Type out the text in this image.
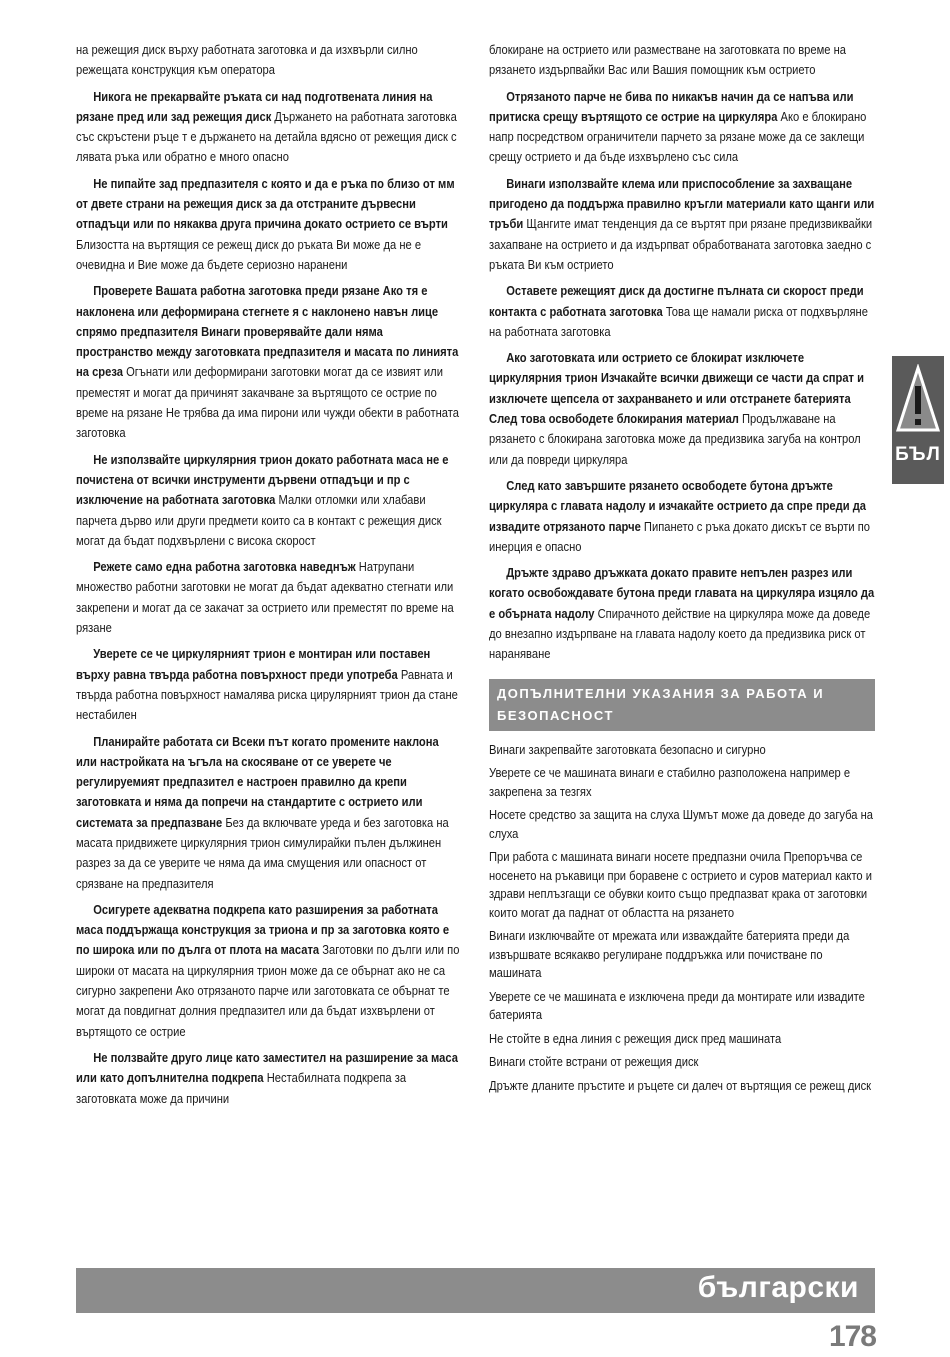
на режещия диск върху работната заготовка и да изхвърли силно режещата конструкция към оператора

Никога не прекарвайте ръката си над подготвената линия на рязане пред или зад режещия диск Държането на работната заготовка със скръстени ръце т е държането на детайла вдясно от режещия диск с лявата ръка или обратно е много опасно

Не пипайте зад предпазителя с която и да е ръка по близо от мм от двете страни на режещия диск за да отстраните дървесни отпадъци или по някаква друга причина докато острието се върти Близостта на въртящия се режещ диск до ръката Ви може да не е очевидна и Вие може да бъдете сериозно наранени

Проверете Вашата работна заготовка преди рязане Ако тя е наклонена или деформирана стегнете я с наклонено навън лице спрямо предпазителя Винаги проверявайте дали няма пространство между заготовката предпазителя и масата по линията на среза Огънати или деформирани заготовки могат да се извият или преместят и могат да причинят закачване за въртящото се острие по време на рязане Не трябва да има пирони или чужди обекти в работната заготовка

Не използвайте циркулярния трион докато работната маса не е почистена от всички инструменти дървени отпадъци и пр с изключение на работната заготовка Малки отломки или хлабави парчета дърво или други предмети които са в контакт с режещия диск могат да бъдат подхвърлени с висока скорост

Режете само една работна заготовка наведнъж Натрупани множество работни заготовки не могат да бъдат адекватно стегнати или закрепени и могат да се закачат за острието или преместят по време на рязане

Уверете се че циркулярният трион е монтиран или поставен върху равна твърда работна повърхност преди употреба Равната и твърда работна повърхност намалява риска цирулярният трион да стане нестабилен

Планирайте работата си Всеки път когато промените наклона или настройката на ъгъла на скосяване от се уверете че регулируемият предпазител е настроен правилно да крепи заготовката и няма да попречи на стандартите с острието или системата за предпазване Без да включвате уреда и без заготовка на масата придвижете циркулярния трион симулирайки пълен дължинен разрез за да се уверите че няма да има смущения или опасност от срязване на предпазителя

Осигурете адекватна подкрепа като разширения за работната маса поддържаща конструкция за триона и пр за заготовка която е по широка или по дълга от плота на масата Заготовки по дълги или по широки от масата на циркулярния трион може да се обърнат ако не са сигурно закрепени Ако отрязаното парче или заготовката се обърнат те могат да повдигнат долния предпазител или да бъдат изхвърлени от въртящото се острие

Не ползвайте друго лице като заместител на разширение за маса или като допълнителна подкрепа Нестабилната подкрепа за заготовката може да причини

блокиране на острието или разместване на заготовката по време на рязането издърпвайки Вас или Вашия помощник към острието

Отрязаното парче не бива по никакъв начин да се напъва или притиска срещу въртящото се острие на циркуляра Ако е блокирано напр посредством ограничители парчето за рязане може да се заклещи срещу острието и да бъде изхвърлено със сила

Винаги използвайте клема или приспособление за захващане пригодено да поддържа правилно кръгли материали като щанги или тръби Щангите имат тенденция да се въртят при рязане предизвиквайки захапване на острието и да издърпват обработваната заготовка заедно с ръката Ви към острието

Оставете режещият диск да достигне пълната си скорост преди контакта с работната заготовка Това ще намали риска от подхвърляне на работната заготовка

Ако заготовката или острието се блокират изключете циркулярния трион Изчакайте всички движещи се части да спрат и изключете щепсела от захранването и или отстранете батерията След това освободете блокирания материал Продължаване на рязането с блокирана заготовка може да предизвика загуба на контрол или да повреди циркуляра

След като завършите рязането освободете бутона дръжте циркуляра с главата надолу и изчакайте острието да спре преди да извадите отрязаното парче Пипането с ръка докато дискът се върти по инерция е опасно

Дръжте здраво дръжката докато правите непълен разрез или когато освобождавате бутона преди главата на циркуляра изцяло да е обърната надолу Спирачното действие на циркуляра може да доведе до внезапно издърпване на главата надолу което да предизвика риск от нараняване

ДОПЪЛНИТЕЛНИ УКАЗАНИЯ ЗА РАБОТА И БЕЗОПАСНОСТ

Винаги закрепвайте заготовката безопасно и сигурно

Уверете се че машината винаги е стабилно разположена например е закрепена за тезгях

Носете средство за защита на слуха Шумът може да доведе до загуба на слуха

При работа с машината винаги носете предпазни очила Препоръчва се носенето на ръкавици при боравене с острието и суров материал както и здрави неплъзгащи се обувки които също предпазват крака от заготовки които могат да паднат от областта на рязането

Винаги изключвайте от мрежата или изваждайте батерията преди да извършвате всякакво регулиране поддръжка или почистване по машината

Уверете се че машината е изключена преди да монтирате или извадите батерията

Не стойте в една линия с режещия диск пред машината

Винаги стойте встрани от режещия диск

Дръжте дланите пръстите и ръцете си далеч от въртящия се режещ диск

БЪЛ
български
178
